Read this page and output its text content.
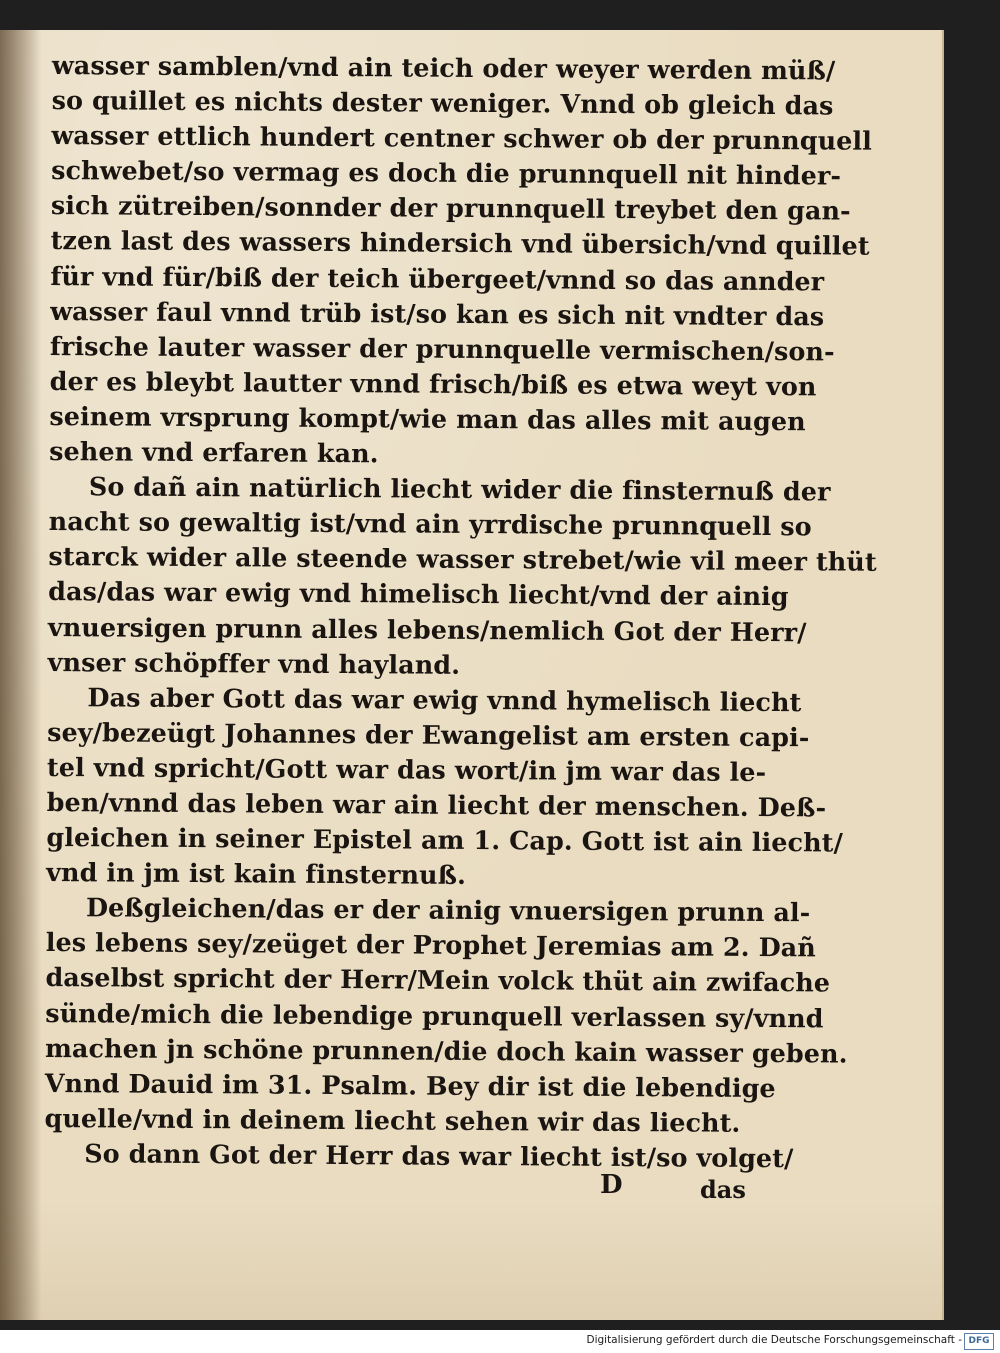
wasser samblen/vnd ain teich oder weyer werden müß/
so quillet es nichts dester weniger. Vnnd ob gleich das
wasser ettlich hundert centner schwer ob der prunnquell
schwebet/so vermag es doch die prunnquell nit hinder-
sich zütreiben/sonnder der prunnquell treybet den gan-
tzen last des wassers hindersich vnd übersich/vnd quillet
für vnd für/biß der teich übergeet/vnnd so das annder
wasser faul vnnd trüb ist/so kan es sich nit vndter das
frische lauter wasser der prunnquelle vermischen/son-
der es bleybt lautter vnnd frisch/biß es etwa weyt von
seinem vrsprung kompt/wie man das alles mit augen
sehen vnd erfaren kan.
So dañ ain natürlich liecht wider die finsternuß der
nacht so gewaltig ist/vnd ain yrrdische prunnquell so
starck wider alle steende wasser strebet/wie vil meer thüt
das/das war ewig vnd himelisch liecht/vnd der ainig
vnuersigen prunn alles lebens/nemlich Got der Herr/
vnser schöpffer vnd hayland.
Das aber Gott das war ewig vnnd hymelisch liecht
sey/bezeügt Johannes der Ewangelist am ersten capi-
tel vnd spricht/Gott war das wort/in jm war das le-
ben/vnnd das leben war ain liecht der menschen. Deß-
gleichen in seiner Epistel am 1. Cap. Gott ist ain liecht/
vnd in jm ist kain finsternuß.
Deßgleichen/das er der ainig vnuersigen prunn al-
les lebens sey/zeüget der Prophet Jeremias am 2. Dañ
daselbst spricht der Herr/Mein volck thüt ain zwifache
sünde/mich die lebendige prunquell verlassen sy/vnnd
machen jn schöne prunnen/die doch kain wasser geben.
Vnnd Dauid im 31. Psalm. Bey dir ist die lebendige
quelle/vnd in deinem liecht sehen wir das liecht.
So dann Got der Herr das war liecht ist/so volget/
D	das
Digitalisierung gefördert durch die Deutsche Forschungsgemeinschaft - DFG
